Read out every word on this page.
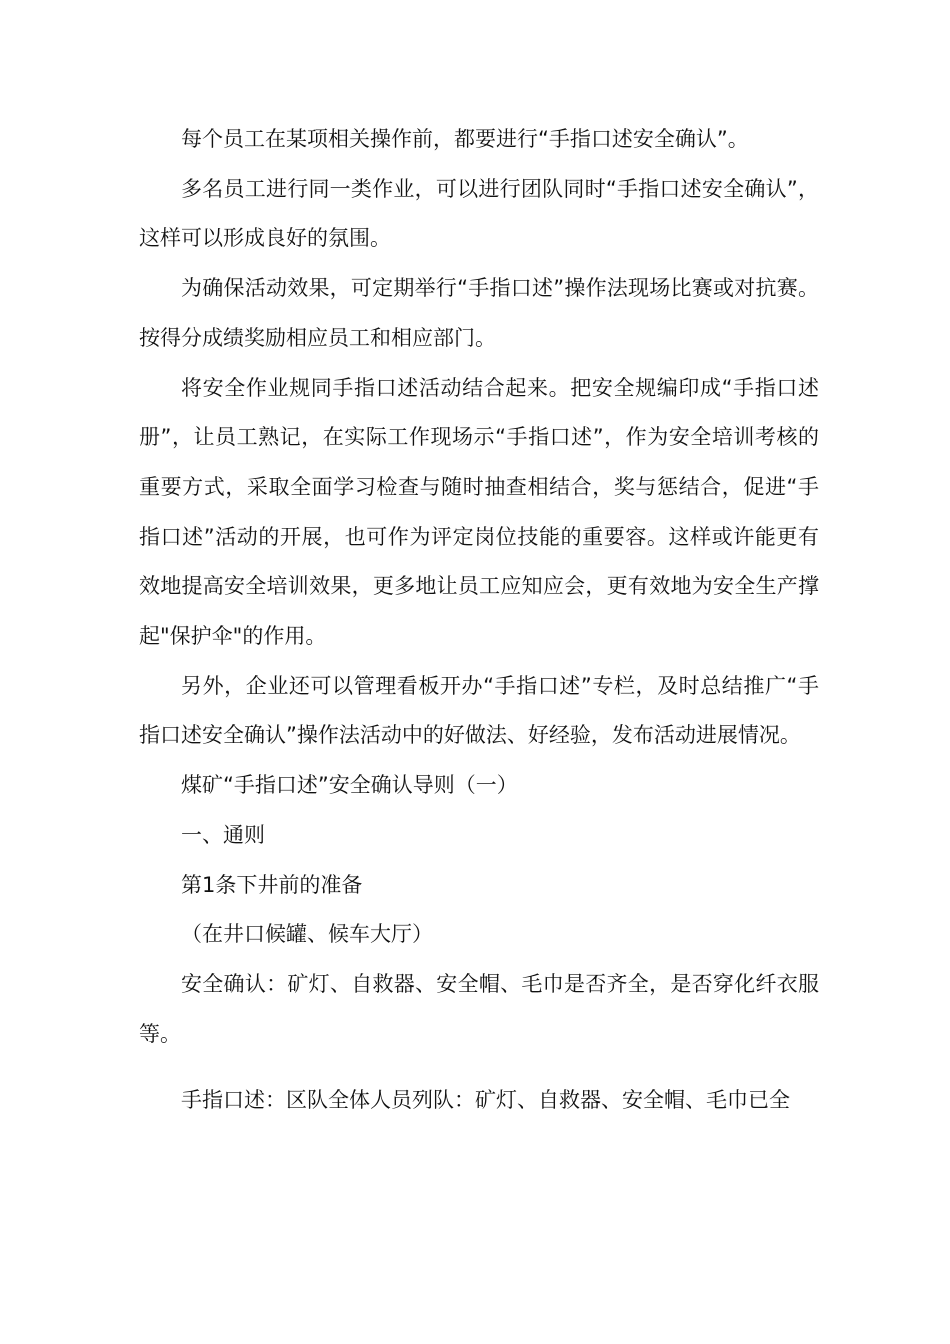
每个员工在某项相关操作前，都要进行“手指口述安全确认”。

多名员工进行同一类作业，可以进行团队同时“手指口述安全确认”，这样可以形成良好的氛围。

为确保活动效果，可定期举行“手指口述”操作法现场比赛或对抗赛。按得分成绩奖励相应员工和相应部门。

将安全作业规同手指口述活动结合起来。把安全规编印成“手指口述册”，让员工熟记，在实际工作现场示“手指口述”，作为安全培训考核的重要方式，采取全面学习检查与随时抽查相结合，奖与惩结合，促进“手指口述”活动的开展，也可作为评定岗位技能的重要容。这样或许能更有效地提高安全培训效果，更多地让员工应知应会，更有效地为安全生产撑起"保护伞"的作用。

另外，企业还可以管理看板开办“手指口述”专栏，及时总结推广“手指口述安全确认”操作法活动中的好做法、好经验，发布活动进展情况。

煤矿“手指口述”安全确认导则（一）

一、通则

第1条下井前的准备

（在井口候罐、候车大厅）

安全确认：矿灯、自救器、安全帽、毛巾是否齐全，是否穿化纤衣服等。

手指口述：区队全体人员列队：矿灯、自救器、安全帽、毛巾已全
